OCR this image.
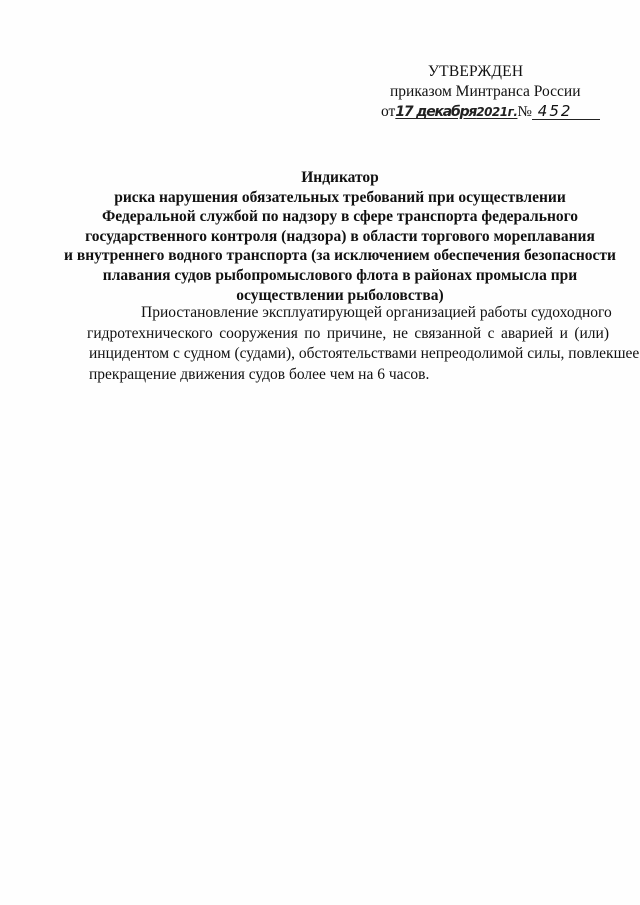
УТВЕРЖДЕН
приказом Минтранса России
от17 декабря2021г.№ 452
Индикатор
риска нарушения обязательных требований при осуществлении
Федеральной службой по надзору в сфере транспорта федерального
государственного контроля (надзора) в области торгового мореплавания
и внутреннего водного транспорта (за исключением обеспечения безопасности
плавания судов рыбопромыслового флота в районах промысла при
осуществлении рыболовства)
Приостановление эксплуатирующей организацией работы судоходного
гидротехнического сооружения по причине, не связанной с аварией и (или)
инцидентом с судном (судами), обстоятельствами непреодолимой силы, повлекшее
прекращение движения судов более чем на 6 часов.
